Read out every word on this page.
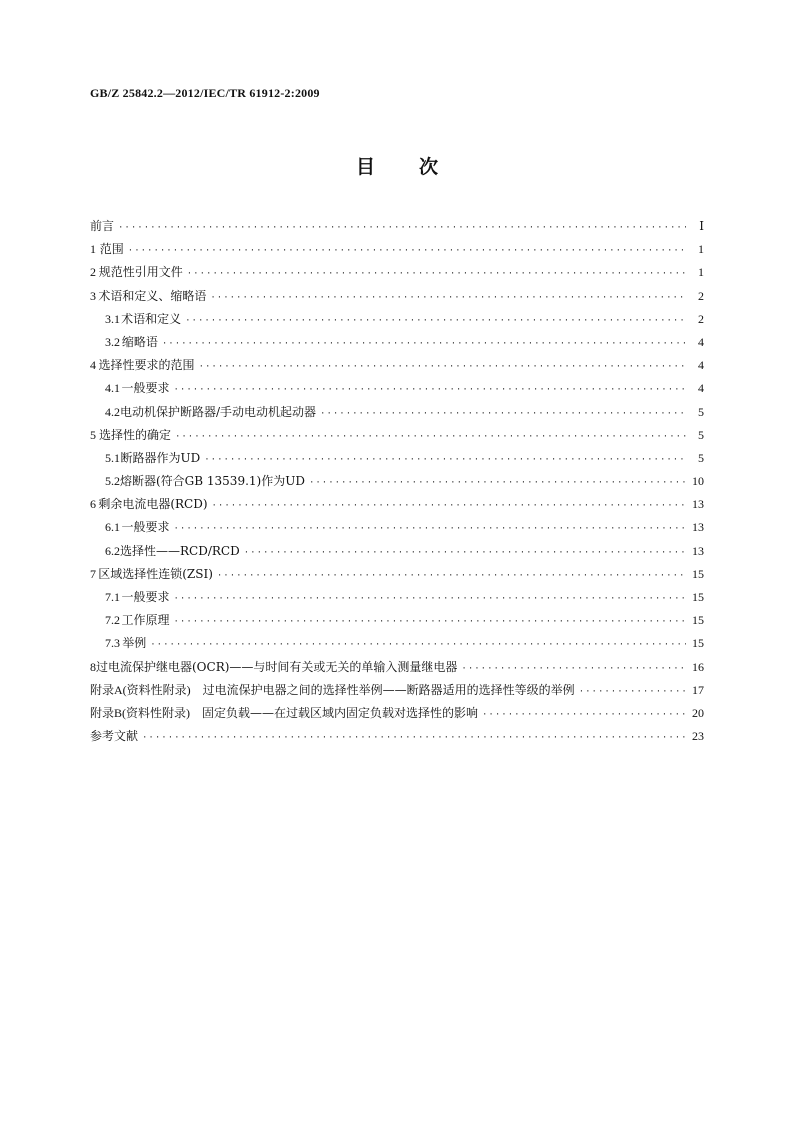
GB/Z 25842.2—2012/IEC/TR 61912-2:2009
目 次
前言 ·····	Ⅰ
1 范围 ·····	1
2 规范性引用文件 ·····	1
3 术语和定义、缩略语 ·····	2
3.1 术语和定义 ·····	2
3.2 缩略语 ·····	4
4 选择性要求的范围 ·····	4
4.1 一般要求 ·····	4
4.2 电动机保护断路器/手动电动机起动器 ·····	5
5 选择性的确定 ·····	5
5.1 断路器作为UD ·····	5
5.2 熔断器(符合GB 13539.1)作为UD ·····	10
6 剩余电流电器(RCD) ·····	13
6.1 一般要求 ·····	13
6.2 选择性——RCD/RCD ·····	13
7 区域选择性连锁(ZSI) ·····	15
7.1 一般要求 ·····	15
7.2 工作原理 ·····	15
7.3 举例 ·····	15
8 过电流保护继电器(OCR)——与时间有关或无关的单输入测量继电器 ·····	16
附录A(资料性附录) 过电流保护电器之间的选择性举例——断路器适用的选择性等级的举例 ·····	17
附录B(资料性附录) 固定负载——在过载区域内固定负载对选择性的影响 ·····	20
参考文献 ·····	23
